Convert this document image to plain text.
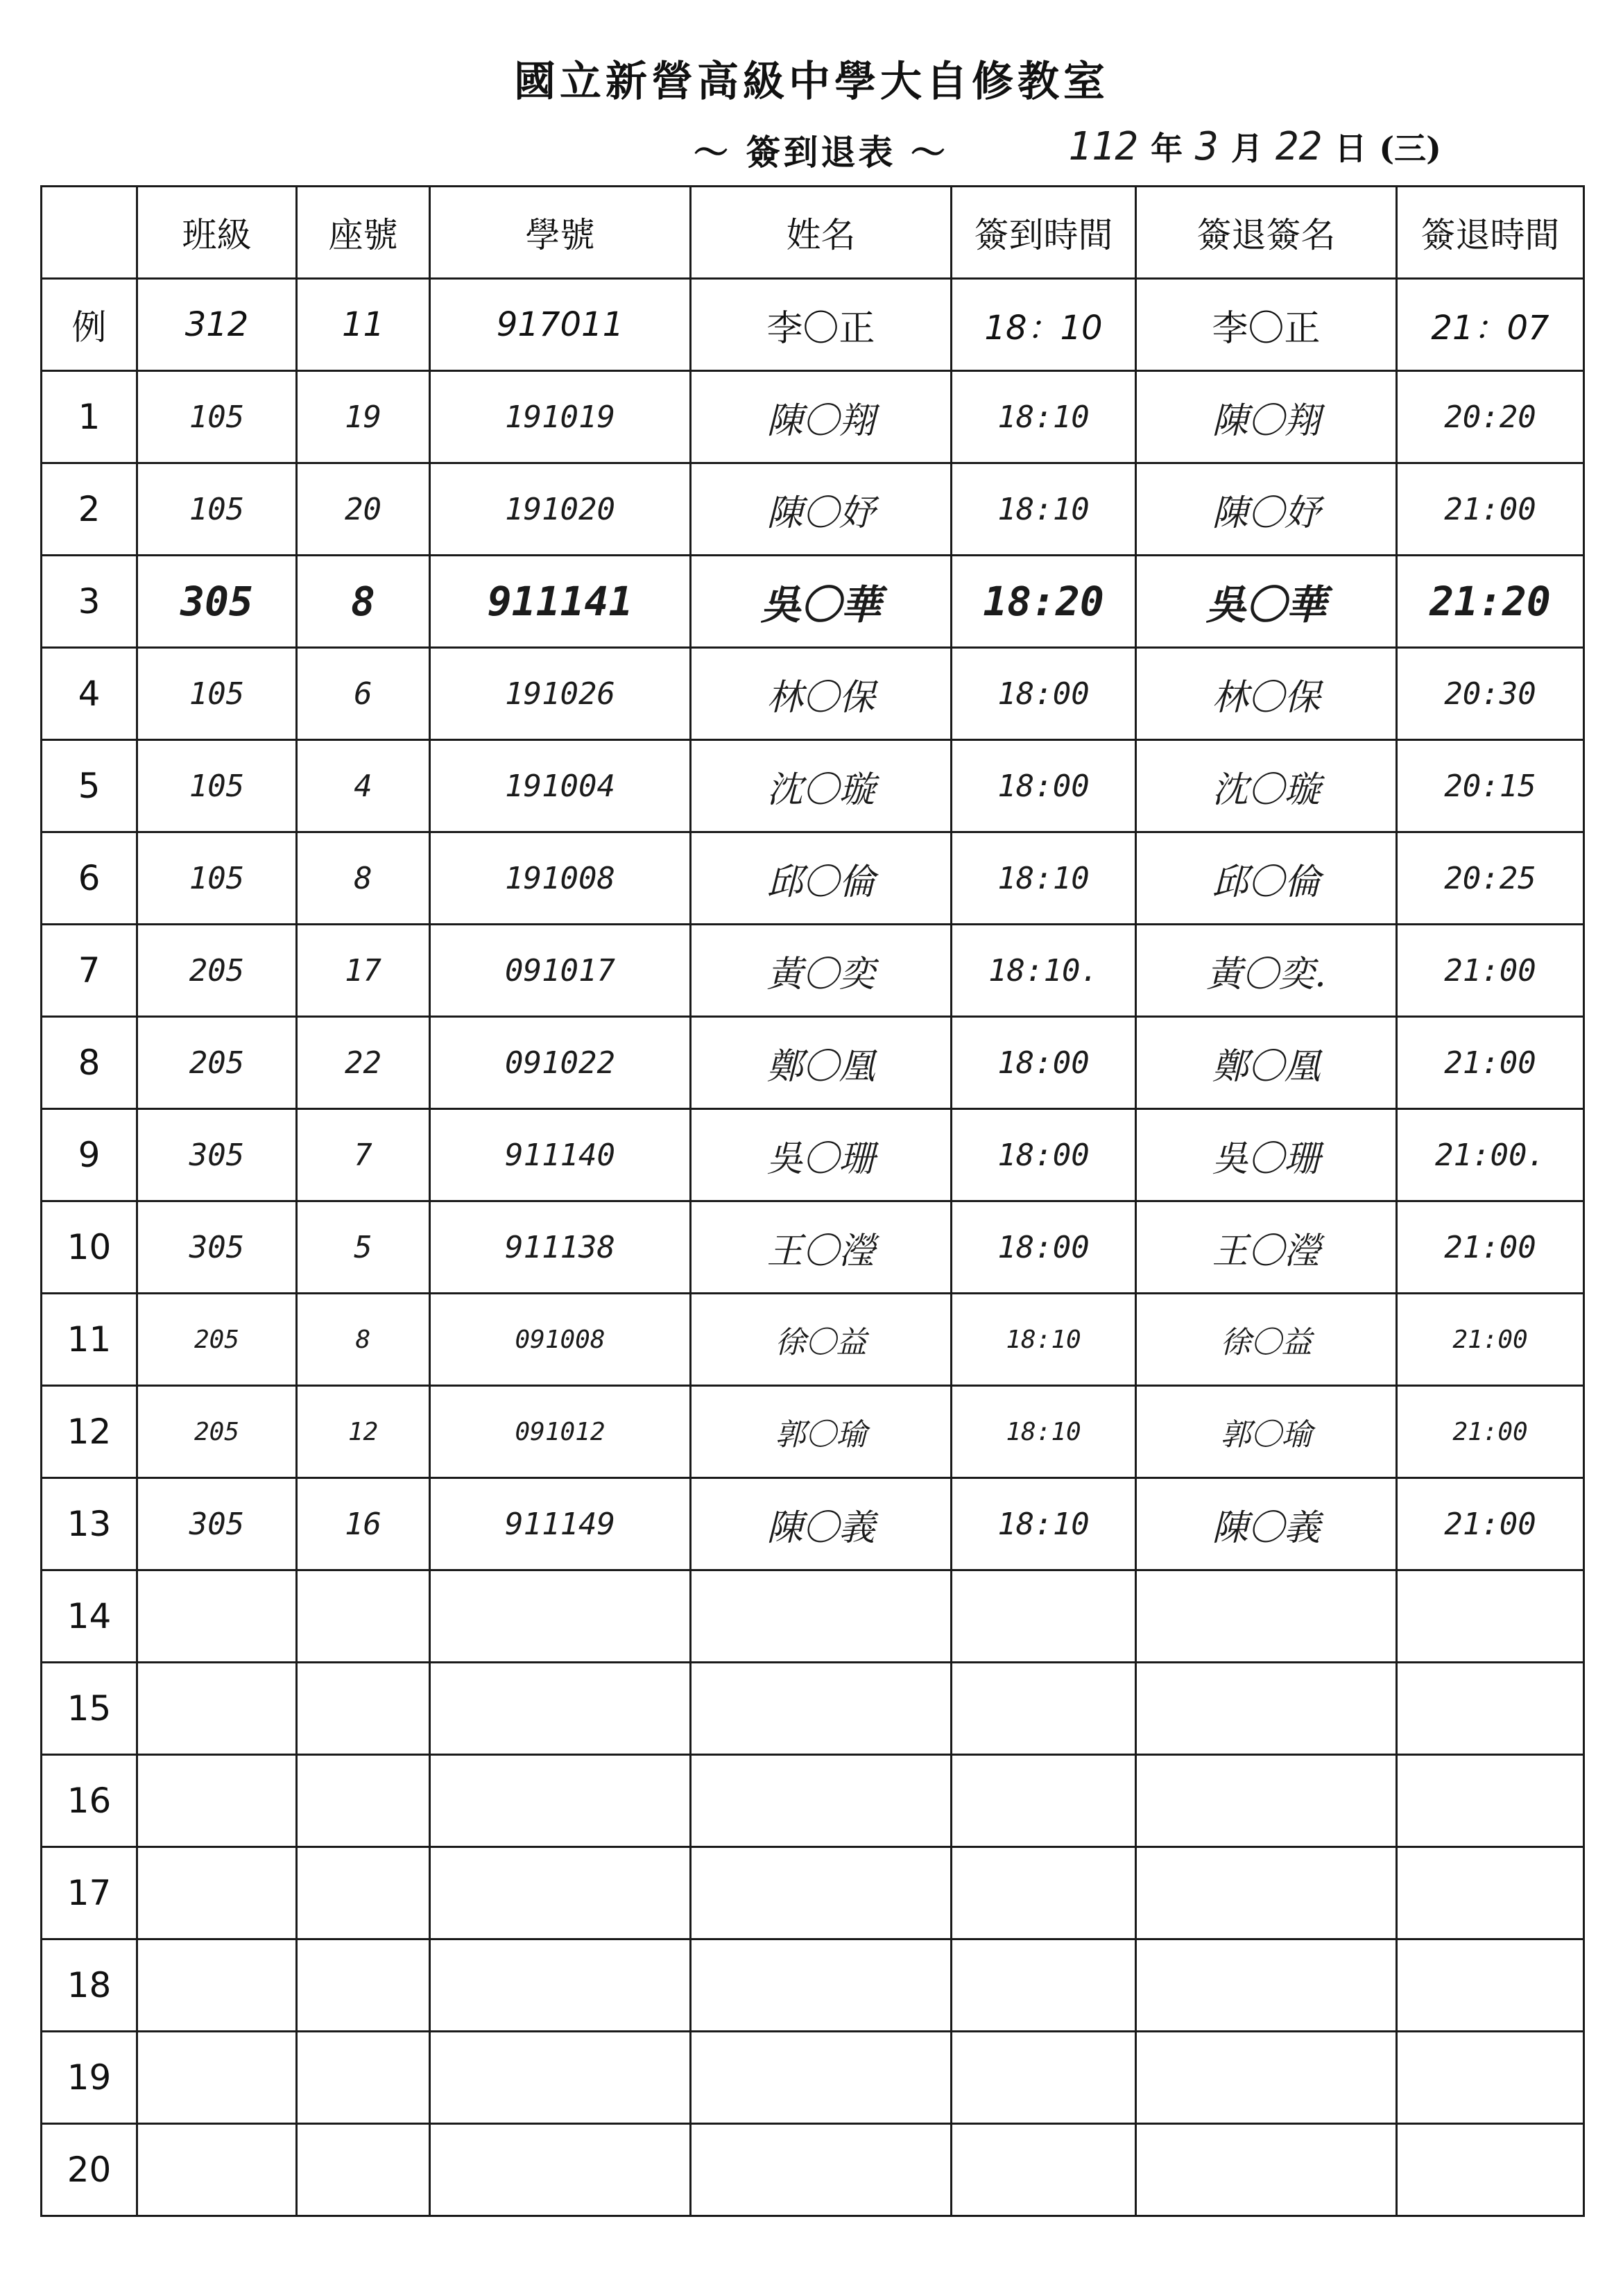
國立新營高級中學大自修教室
～ 簽到退表 ～	112 年 3 月 22 日 (三)
	班級	座號	學號	姓名	簽到時間	簽退簽名	簽退時間
例	312	11	917011	李〇正	18：10	李〇正	21：07
1	105	19	191019	陳〇翔	18:10	陳〇翔	20:20
2	105	20	191020	陳〇妤	18:10	陳〇妤	21:00
3	305	8	911141	吳〇華	18:20	吳〇華	21:20
4	105	6	191026	林〇保	18:00	林〇保	20:30
5	105	4	191004	沈〇璇	18:00	沈〇璇	20:15
6	105	8	191008	邱〇倫	18:10	邱〇倫	20:25
7	205	17	091017	黃〇奕	18:10.	黃〇奕.	21:00
8	205	22	091022	鄭〇凰	18:00	鄭〇凰	21:00
9	305	7	911140	吳〇珊	18:00	吳〇珊	21:00.
10	305	5	911138	王〇瀅	18:00	王〇瀅	21:00
11	205	8	091008	徐〇益	18:10	徐〇益	21:00
12	205	12	091012	郭〇瑜	18:10	郭〇瑜	21:00
13	305	16	911149	陳〇義	18:10	陳〇義	21:00
14							
15							
16							
17							
18							
19							
20							
